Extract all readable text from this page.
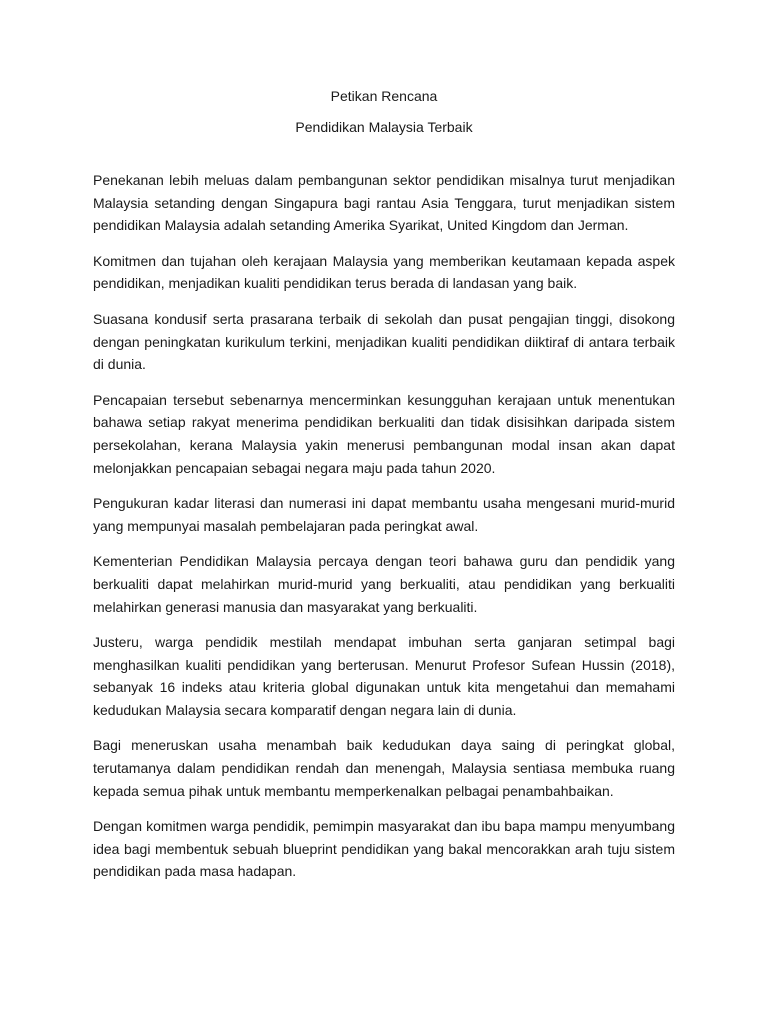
Petikan Rencana
Pendidikan Malaysia Terbaik

Penekanan lebih meluas dalam pembangunan sektor pendidikan misalnya turut menjadikan Malaysia setanding dengan Singapura bagi rantau Asia Tenggara, turut menjadikan sistem pendidikan Malaysia adalah setanding Amerika Syarikat, United Kingdom dan Jerman.

Komitmen dan tujahan oleh kerajaan Malaysia yang memberikan keutamaan kepada aspek pendidikan, menjadikan kualiti pendidikan terus berada di landasan yang baik.

Suasana kondusif serta prasarana terbaik di sekolah dan pusat pengajian tinggi, disokong dengan peningkatan kurikulum terkini, menjadikan kualiti pendidikan diiktiraf di antara terbaik di dunia.

Pencapaian tersebut sebenarnya mencerminkan kesungguhan kerajaan untuk menentukan bahawa setiap rakyat menerima pendidikan berkualiti dan tidak disisihkan daripada sistem persekolahan, kerana Malaysia yakin menerusi pembangunan modal insan akan dapat melonjakkan pencapaian sebagai negara maju pada tahun 2020.

Pengukuran kadar literasi dan numerasi ini dapat membantu usaha mengesani murid-murid yang mempunyai masalah pembelajaran pada peringkat awal.

Kementerian Pendidikan Malaysia percaya dengan teori bahawa guru dan pendidik yang berkualiti dapat melahirkan murid-murid yang berkualiti, atau pendidikan yang berkualiti melahirkan generasi manusia dan masyarakat yang berkualiti.

Justeru, warga pendidik mestilah mendapat imbuhan serta ganjaran setimpal bagi menghasilkan kualiti pendidikan yang berterusan. Menurut Profesor Sufean Hussin (2018), sebanyak 16 indeks atau kriteria global digunakan untuk kita mengetahui dan memahami kedudukan Malaysia secara komparatif dengan negara lain di dunia.

Bagi meneruskan usaha menambah baik kedudukan daya saing di peringkat global, terutamanya dalam pendidikan rendah dan menengah, Malaysia sentiasa membuka ruang kepada semua pihak untuk membantu memperkenalkan pelbagai penambahbaikan.

Dengan komitmen warga pendidik, pemimpin masyarakat dan ibu bapa mampu menyumbang idea bagi membentuk sebuah blueprint pendidikan yang bakal mencorakkan arah tuju sistem pendidikan pada masa hadapan.
